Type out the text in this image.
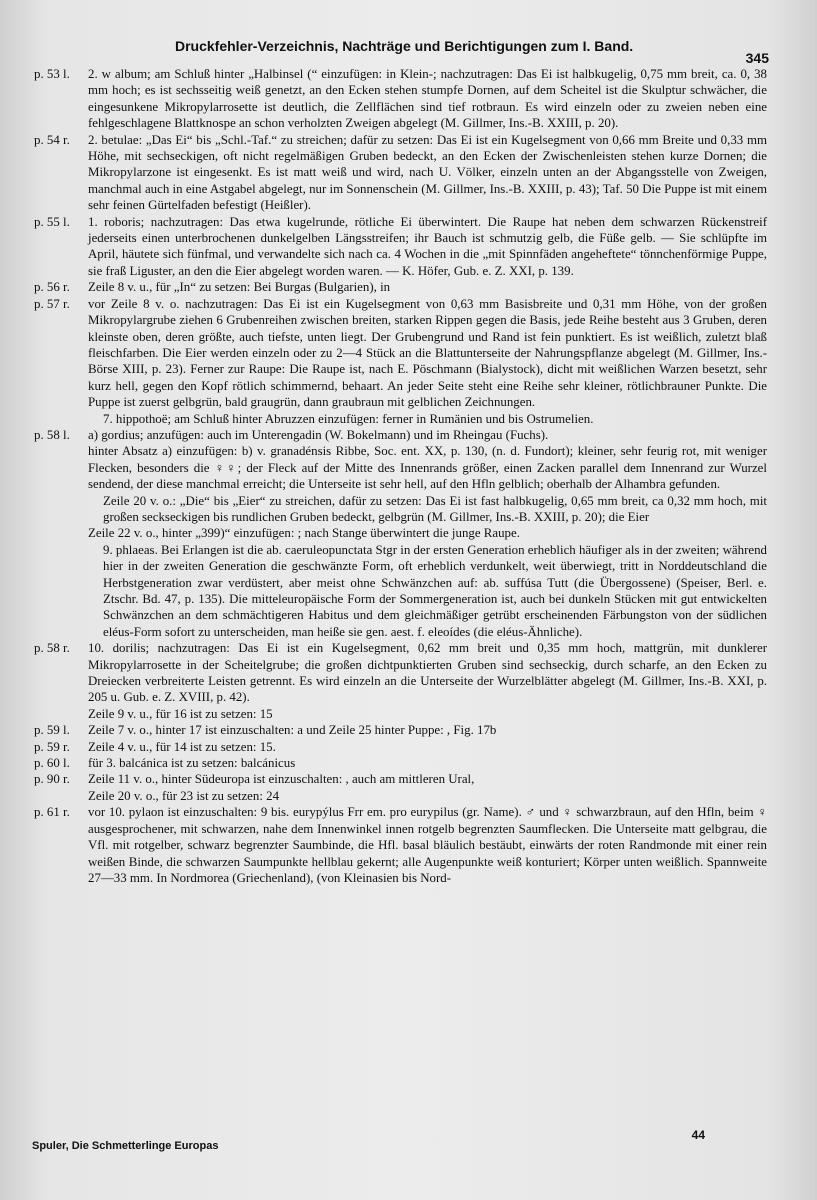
Druckfehler-Verzeichnis, Nachträge und Berichtigungen zum I. Band.
345
p. 53 l.	2. w album; am Schluß hinter „Halbinsel (“ einzufügen: in Klein-; nachzutragen: Das Ei ist halbkugelig, 0,75 mm breit, ca. 0, 38 mm hoch; es ist sechsseitig weiß genetzt, an den Ecken stehen stumpfe Dornen, auf dem Scheitel ist die Skulptur schwächer, die eingesunkene Mikropylarrosette ist deutlich, die Zellflächen sind tief rotbraun. Es wird einzeln oder zu zweien neben eine fehlgeschlagene Blattknospe an schon verholzten Zweigen abgelegt (M. Gillmer, Ins.-B. XXIII, p. 20).
p. 54 r.	2. betulae: „Das Ei“ bis „Schl.-Taf.“ zu streichen; dafür zu setzen: Das Ei ist ein Kugelsegment von 0,66 mm Breite und 0,33 mm Höhe, mit sechseckigen, oft nicht regelmäßigen Gruben bedeckt, an den Ecken der Zwischenleisten stehen kurze Dornen; die Mikropylarzone ist eingesenkt. Es ist matt weiß und wird, nach U. Völker, einzeln unten an der Abgangsstelle von Zweigen, manchmal auch in eine Astgabel abgelegt, nur im Sonnenschein (M. Gillmer, Ins.-B. XXIII, p. 43); Taf. 50 Die Puppe ist mit einem sehr feinen Gürtelfaden befestigt (Heißler).
p. 55 l.	1. roboris; nachzutragen: Das etwa kugelrunde, rötliche Ei überwintert. Die Raupe hat neben dem schwarzen Rückenstreif jederseits einen unterbrochenen dunkelgelben Längsstreifen; ihr Bauch ist schmutzig gelb, die Füße gelb. — Sie schlüpfte im April, häutete sich fünfmal, und verwandelte sich nach ca. 4 Wochen in die „mit Spinnfäden angeheftete“ tönnchenförmige Puppe, sie fraß Liguster, an den die Eier abgelegt worden waren. — K. Höfer, Gub. e. Z. XXI, p. 139.
p. 56 r.	Zeile 8 v. u., für „In“ zu setzen: Bei Burgas (Bulgarien), in
p. 57 r.	vor Zeile 8 v. o. nachzutragen: Das Ei ist ein Kugelsegment von 0,63 mm Basisbreite und 0,31 mm Höhe, von der großen Mikropylargrube ziehen 6 Grubenreihen zwischen breiten, starken Rippen gegen die Basis, jede Reihe besteht aus 3 Gruben, deren kleinste oben, deren größte, auch tiefste, unten liegt. Der Grubengrund und Rand ist fein punktiert. Es ist weißlich, zuletzt blaß fleischfarben. Die Eier werden einzeln oder zu 2—4 Stück an die Blattunterseite der Nahrungspflanze abgelegt (M. Gillmer, Ins.-Börse XIII, p. 23). Ferner zur Raupe: Die Raupe ist, nach E. Pöschmann (Bialystock), dicht mit weißlichen Warzen besetzt, sehr kurz hell, gegen den Kopf rötlich schimmernd, behaart. An jeder Seite steht eine Reihe sehr kleiner, rötlichbrauner Punkte. Die Puppe ist zuerst gelbgrün, bald graugrün, dann graubraun mit gelblichen Zeichnungen.
7. hippothoë; am Schluß hinter Abruzzen einzufügen: ferner in Rumänien und bis Ostrumelien.
p. 58 l.	a) gordius; anzufügen: auch im Unterengadin (W. Bokelmann) und im Rheingau (Fuchs).
hinter Absatz a) einzufügen: b) v. granadénsis Ribbe, Soc. ent. XX, p. 130, (n. d. Fundort); kleiner, sehr feurig rot, mit weniger Flecken, besonders die ♀♀; der Fleck auf der Mitte des Innenrands größer, einen Zacken parallel dem Innenrand zur Wurzel sendend, der diese manchmal erreicht; die Unterseite ist sehr hell, auf den Hfln gelblich; oberhalb der Alhambra gefunden.
Zeile 20 v. o.: „Die“ bis „Eier“ zu streichen, dafür zu setzen: Das Ei ist fast halbkugelig, 0,65 mm breit, ca 0,32 mm hoch, mit großen seckseckigen bis rundlichen Gruben bedeckt, gelbgrün (M. Gillmer, Ins.-B. XXIII, p. 20); die Eier
Zeile 22 v. o., hinter „399)“ einzufügen: ; nach Stange überwintert die junge Raupe.
9. phlaeas. Bei Erlangen ist die ab. caeruleopunctata Stgr in der ersten Generation erheblich häufiger als in der zweiten; während hier in der zweiten Generation die geschwänzte Form, oft erheblich verdunkelt, weit überwiegt, tritt in Norddeutschland die Herbstgeneration zwar verdüstert, aber meist ohne Schwänzchen auf: ab. suffúsa Tutt (die Übergossene) (Speiser, Berl. e. Ztschr. Bd. 47, p. 135). Die mitteleuropäische Form der Sommergeneration ist, auch bei dunkeln Stücken mit gut entwickelten Schwänzchen an dem schmächtigeren Habitus und dem gleichmäßiger getrübt erscheinenden Färbungston von der südlichen eléus-Form sofort zu unterscheiden, man heiße sie gen. aest. f. eleoídes (die eléus-Ähnliche).
p. 58 r.	10. dorilis; nachzutragen: Das Ei ist ein Kugelsegment, 0,62 mm breit und 0,35 mm hoch, mattgrün, mit dunklerer Mikropylarrosette in der Scheitelgrube; die großen dichtpunktierten Gruben sind sechseckig, durch scharfe, an den Ecken zu Dreiecken verbreiterte Leisten getrennt. Es wird einzeln an die Unterseite der Wurzelblätter abgelegt (M. Gillmer, Ins.-B. XXI, p. 205 u. Gub. e. Z. XVIII, p. 42).
Zeile 9 v. u., für 16 ist zu setzen: 15
p. 59 l.	Zeile 7 v. o., hinter 17 ist einzuschalten: a und Zeile 25 hinter Puppe: , Fig. 17b
p. 59 r.	Zeile 4 v. u., für 14 ist zu setzen: 15.
p. 60 l.	für 3. balcánica ist zu setzen: balcánicus
p. 90 r.	Zeile 11 v. o., hinter Südeuropa ist einzuschalten: , auch am mittleren Ural,
Zeile 20 v. o., für 23 ist zu setzen: 24
p. 61 r.	vor 10. pylaon ist einzuschalten: 9 bis. eurypýlus Frr em. pro eurypilus (gr. Name). ♂ und ♀ schwarzbraun, auf den Hfln, beim ♀ ausgesprochener, mit schwarzen, nahe dem Innenwinkel innen rotgelb begrenzten Saumflecken. Die Unterseite matt gelbgrau, die Vfl. mit rotgelber, schwarz begrenzter Saumbinde, die Hfl. basal bläulich bestäubt, einwärts der roten Randmonde mit einer rein weißen Binde, die schwarzen Saumpunkte hellblau gekernt; alle Augenpunkte weiß konturiert; Körper unten weißlich. Spannweite 27—33 mm. In Nordmorea (Griechenland), (von Kleinasien bis Nord-
Spuler, Die Schmetterlinge Europas
44
